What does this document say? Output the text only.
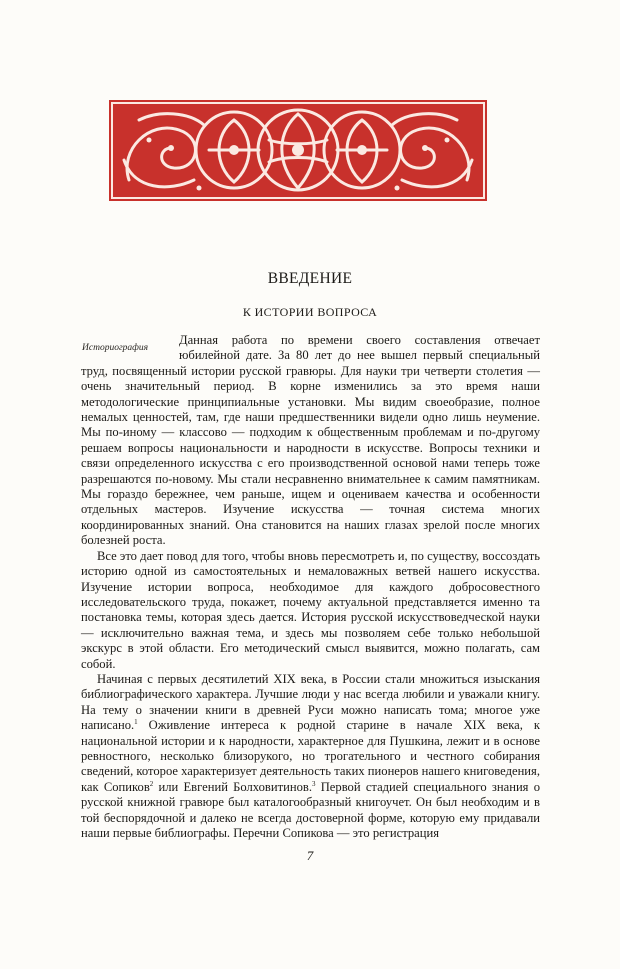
ВВЕДЕНИЕ
К ИСТОРИИ ВОПРОСА
Историография

Данная работа по времени своего составления отвечает юбилейной дате. За 80 лет до нее вышел первый специальный труд, посвященный истории русской гравюры. Для науки три четверти столетия — очень значительный период. В корне изменились за это время наши методологические принципиальные установки. Мы видим своеобразие, полное немалых ценностей, там, где наши предшественники видели одно лишь неумение. Мы по-иному — классово — подходим к общественным проблемам и по-другому решаем вопросы национальности и народности в искусстве. Вопросы техники и связи определенного искусства с его производственной основой нами теперь тоже разрешаются по-новому. Мы стали несравненно внимательнее к самим памятникам. Мы гораздо бережнее, чем раньше, ищем и оцениваем качества и особенности отдельных мастеров. Изучение искусства — точная система многих координированных знаний. Она становится на наших глазах зрелой после многих болезней роста.

Все это дает повод для того, чтобы вновь пересмотреть и, по существу, воссоздать историю одной из самостоятельных и немаловажных ветвей нашего искусства. Изучение истории вопроса, необходимое для каждого добросовестного исследовательского труда, покажет, почему актуальной представляется именно та постановка темы, которая здесь дается. История русской искусствоведческой науки — исключительно важная тема, и здесь мы позволяем себе только небольшой экскурс в этой области. Его методический смысл выявится, можно полагать, сам собой.

Начиная с первых десятилетий XIX века, в России стали множиться изыскания библиографического характера. Лучшие люди у нас всегда любили и уважали книгу. На тему о значении книги в древней Руси можно написать тома; многое уже написано.$^1$ Оживление интереса к родной старине в начале XIX века, к национальной истории и к народности, характерное для Пушкина, лежит и в основе ревностного, несколько близорукого, но трогательного и честного собирания сведений, которое характеризует деятельность таких пионеров нашего книговедения, как Сопиков$^2$ или Евгений Болховитинов.$^3$ Первой стадией специального знания о русской книжной гравюре был каталогообразный книгоучет. Он был необходим и в той беспорядочной и далеко не всегда достоверной форме, которую ему придавали наши первые библиографы. Перечни Сопикова — это регистрация

7
